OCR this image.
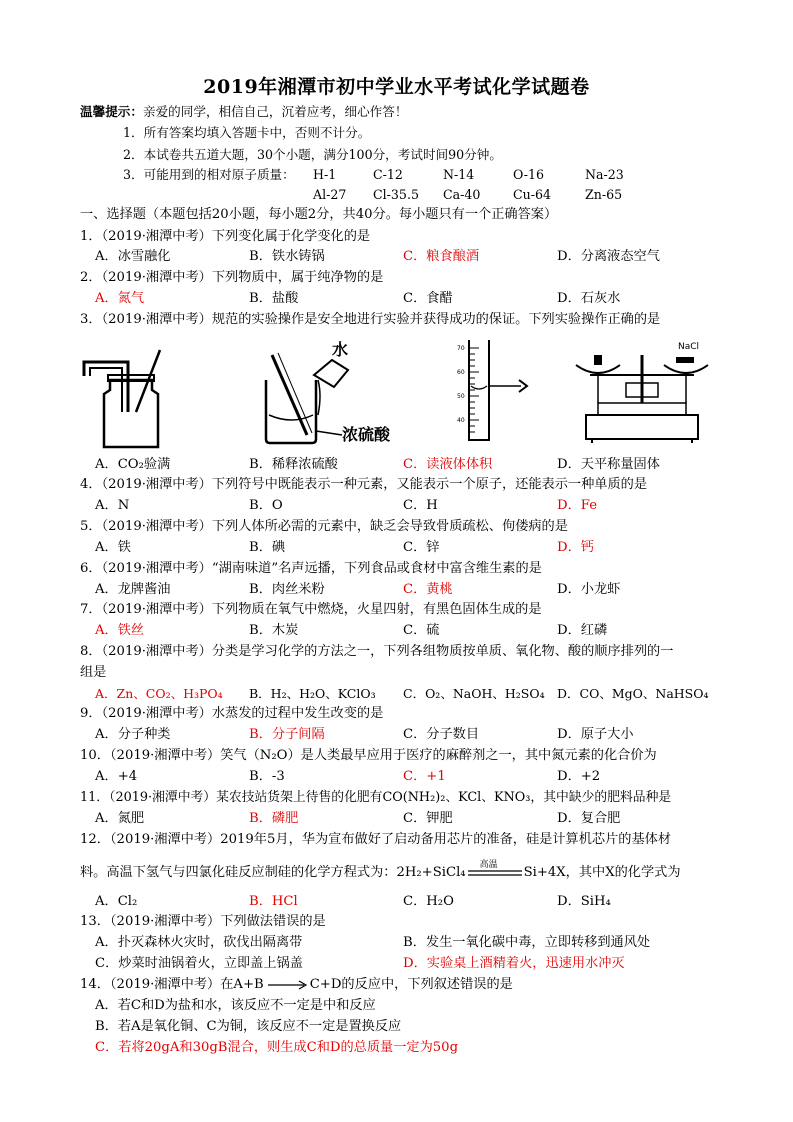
2019年湘潭市初中学业水平考试化学试题卷
温馨提示：亲爱的同学，相信自己，沉着应考，细心作答！
1．所有答案均填入答题卡中，否则不计分。
2．本试卷共五道大题，30个小题，满分100分，考试时间90分钟。
3．可能用到的相对原子质量： H-1	C-12	N-14	O-16	Na-23
Al-27 Cl-35.5 Ca-40	Cu-64	Zn-65
一、选择题（本题包括20小题，每小题2分，共40分。每小题只有一个正确答案）
1．（2019·湘潭中考）下列变化属于化学变化的是
A．冰雪融化	B．铁水铸锅	C．粮食酿酒	D．分离液态空气
2．（2019·湘潭中考）下列物质中，属于纯净物的是
A．氮气	B．盐酸	C．食醋	D．石灰水
3．（2019·湘潭中考）规范的实验操作是安全地进行实验并获得成功的保证。下列实验操作正确的是
水
浓硫酸
70
60
50
40
NaCl
A．CO₂验满	B．稀释浓硫酸	C．读液体体积	D．天平称量固体
4．（2019·湘潭中考）下列符号中既能表示一种元素，又能表示一个原子，还能表示一种单质的是
A．N	B．O	C．H	D．Fe
5．（2019·湘潭中考）下列人体所必需的元素中，缺乏会导致骨质疏松、佝偻病的是
A．铁	B．碘	C．锌	D．钙
6．（2019·湘潭中考）“湖南味道”名声远播，下列食品或食材中富含维生素的是
A．龙牌酱油	B．肉丝米粉	C．黄桃	D．小龙虾
7．（2019·湘潭中考）下列物质在氧气中燃烧，火星四射，有黑色固体生成的是
A．铁丝	B．木炭	C．硫	D．红磷
8．（2019·湘潭中考）分类是学习化学的方法之一，下列各组物质按单质、氧化物、酸的顺序排列的一
组是
A．Zn、CO₂、H₃PO₄ B．H₂、H₂O、KClO₃ C．O₂、NaOH、H₂SO₄ D．CO、MgO、NaHSO₄
9．（2019·湘潭中考）水蒸发的过程中发生改变的是
A．分子种类	B．分子间隔	C．分子数目	D．原子大小
10．（2019·湘潭中考）笑气（N₂O）是人类最早应用于医疗的麻醉剂之一，其中氮元素的化合价为
A．+4	B．-3	C．+1	D．+2
11．（2019·湘潭中考）某农技站货架上待售的化肥有CO(NH₂)₂、KCl、KNO₃，其中缺少的肥料品种是
A．氮肥	B．磷肥	C．钾肥	D．复合肥
12．（2019·湘潭中考）2019年5月，华为宣布做好了启动备用芯片的准备，硅是计算机芯片的基体材
料。高温下氢气与四氯化硅反应制硅的化学方程式为：2H₂+SiCl₄
高温
Si+4X，其中X的化学式为
A．Cl₂	B．HCl	C．H₂O	D．SiH₄
13．（2019·湘潭中考）下列做法错误的是
A．扑灭森林火灾时，砍伐出隔离带	B．发生一氧化碳中毒，立即转移到通风处
C．炒菜时油锅着火，立即盖上锅盖	D．实验桌上酒精着火，迅速用水冲灭
14．（2019·湘潭中考）在A+B → C+D的反应中，下列叙述错误的是
A．若C和D为盐和水，该反应不一定是中和反应
B．若A是氧化铜、C为铜，该反应不一定是置换反应
C．若将20gA和30gB混合，则生成C和D的总质量一定为50g
